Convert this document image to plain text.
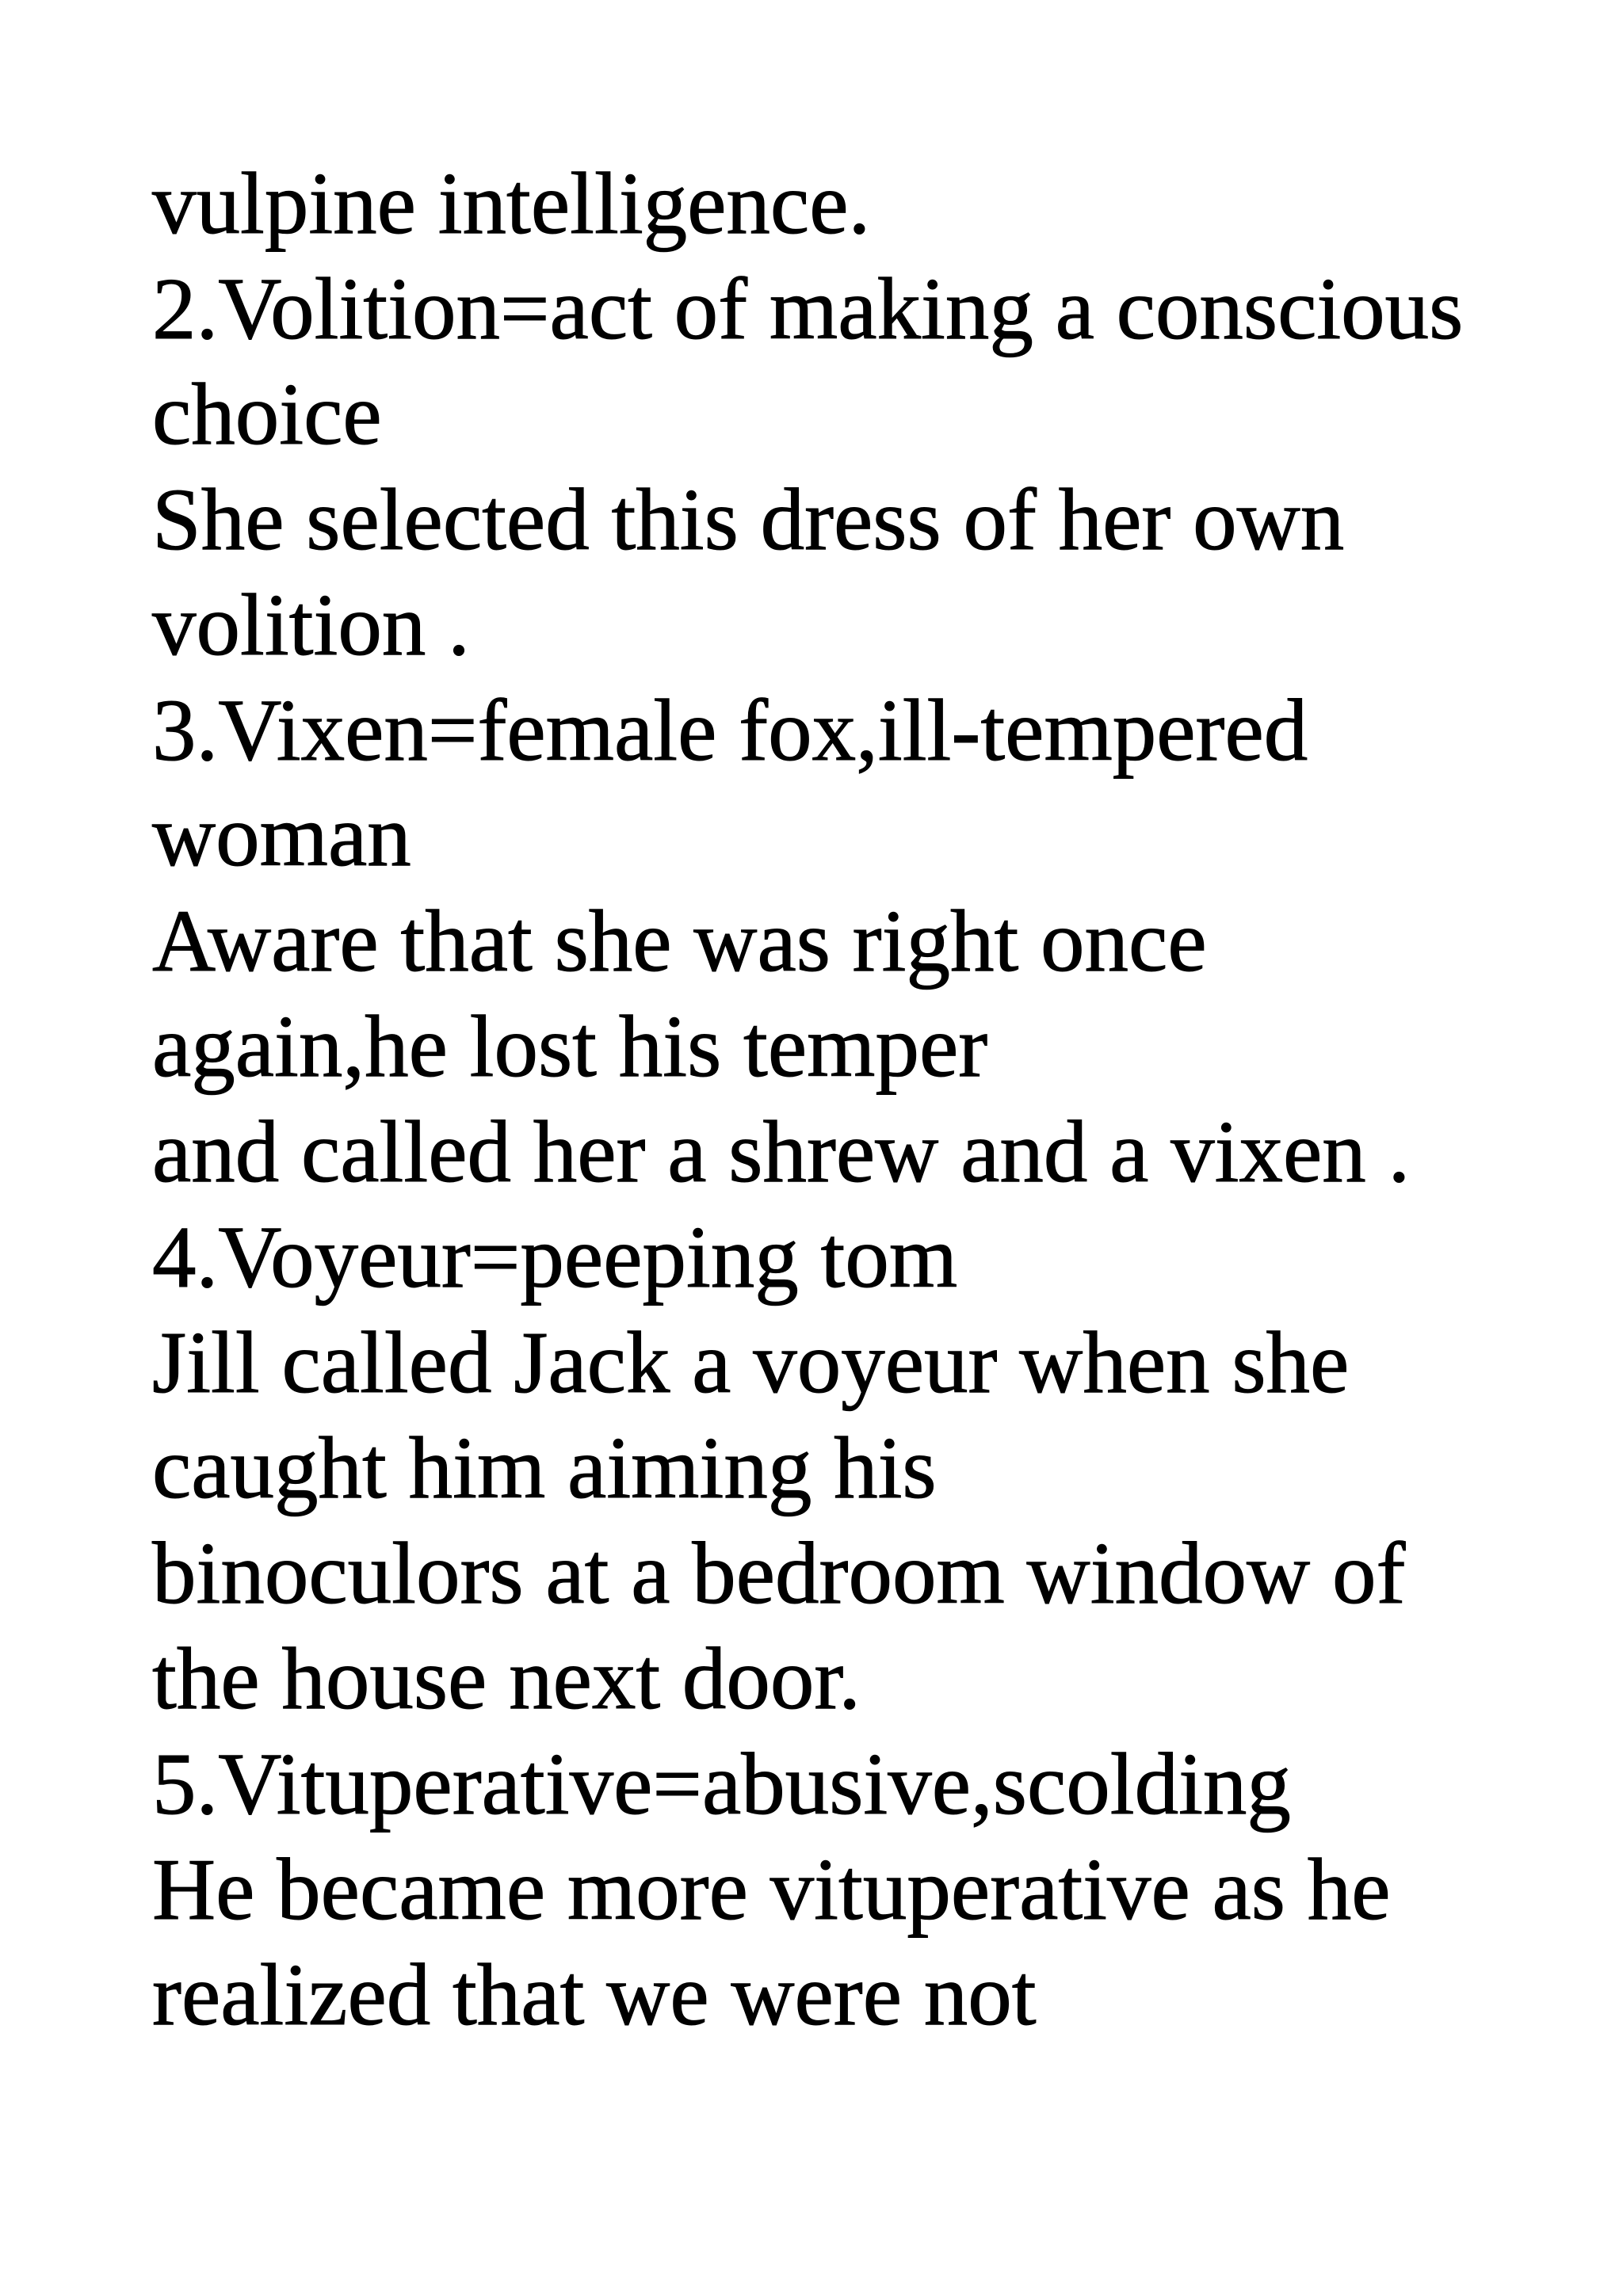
vulpine intelligence.
2.Volition=act of making a conscious
choice
She selected this dress of her own
volition .
3.Vixen=female fox,ill-tempered
woman
Aware that she was right once
again,he lost his temper
and called her a shrew and a vixen .
4.Voyeur=peeping tom
Jill called Jack a voyeur when she
caught him aiming his
binoculors at a bedroom window of
the house next door.
5.Vituperative=abusive,scolding
He became more vituperative as he
realized that we were not
